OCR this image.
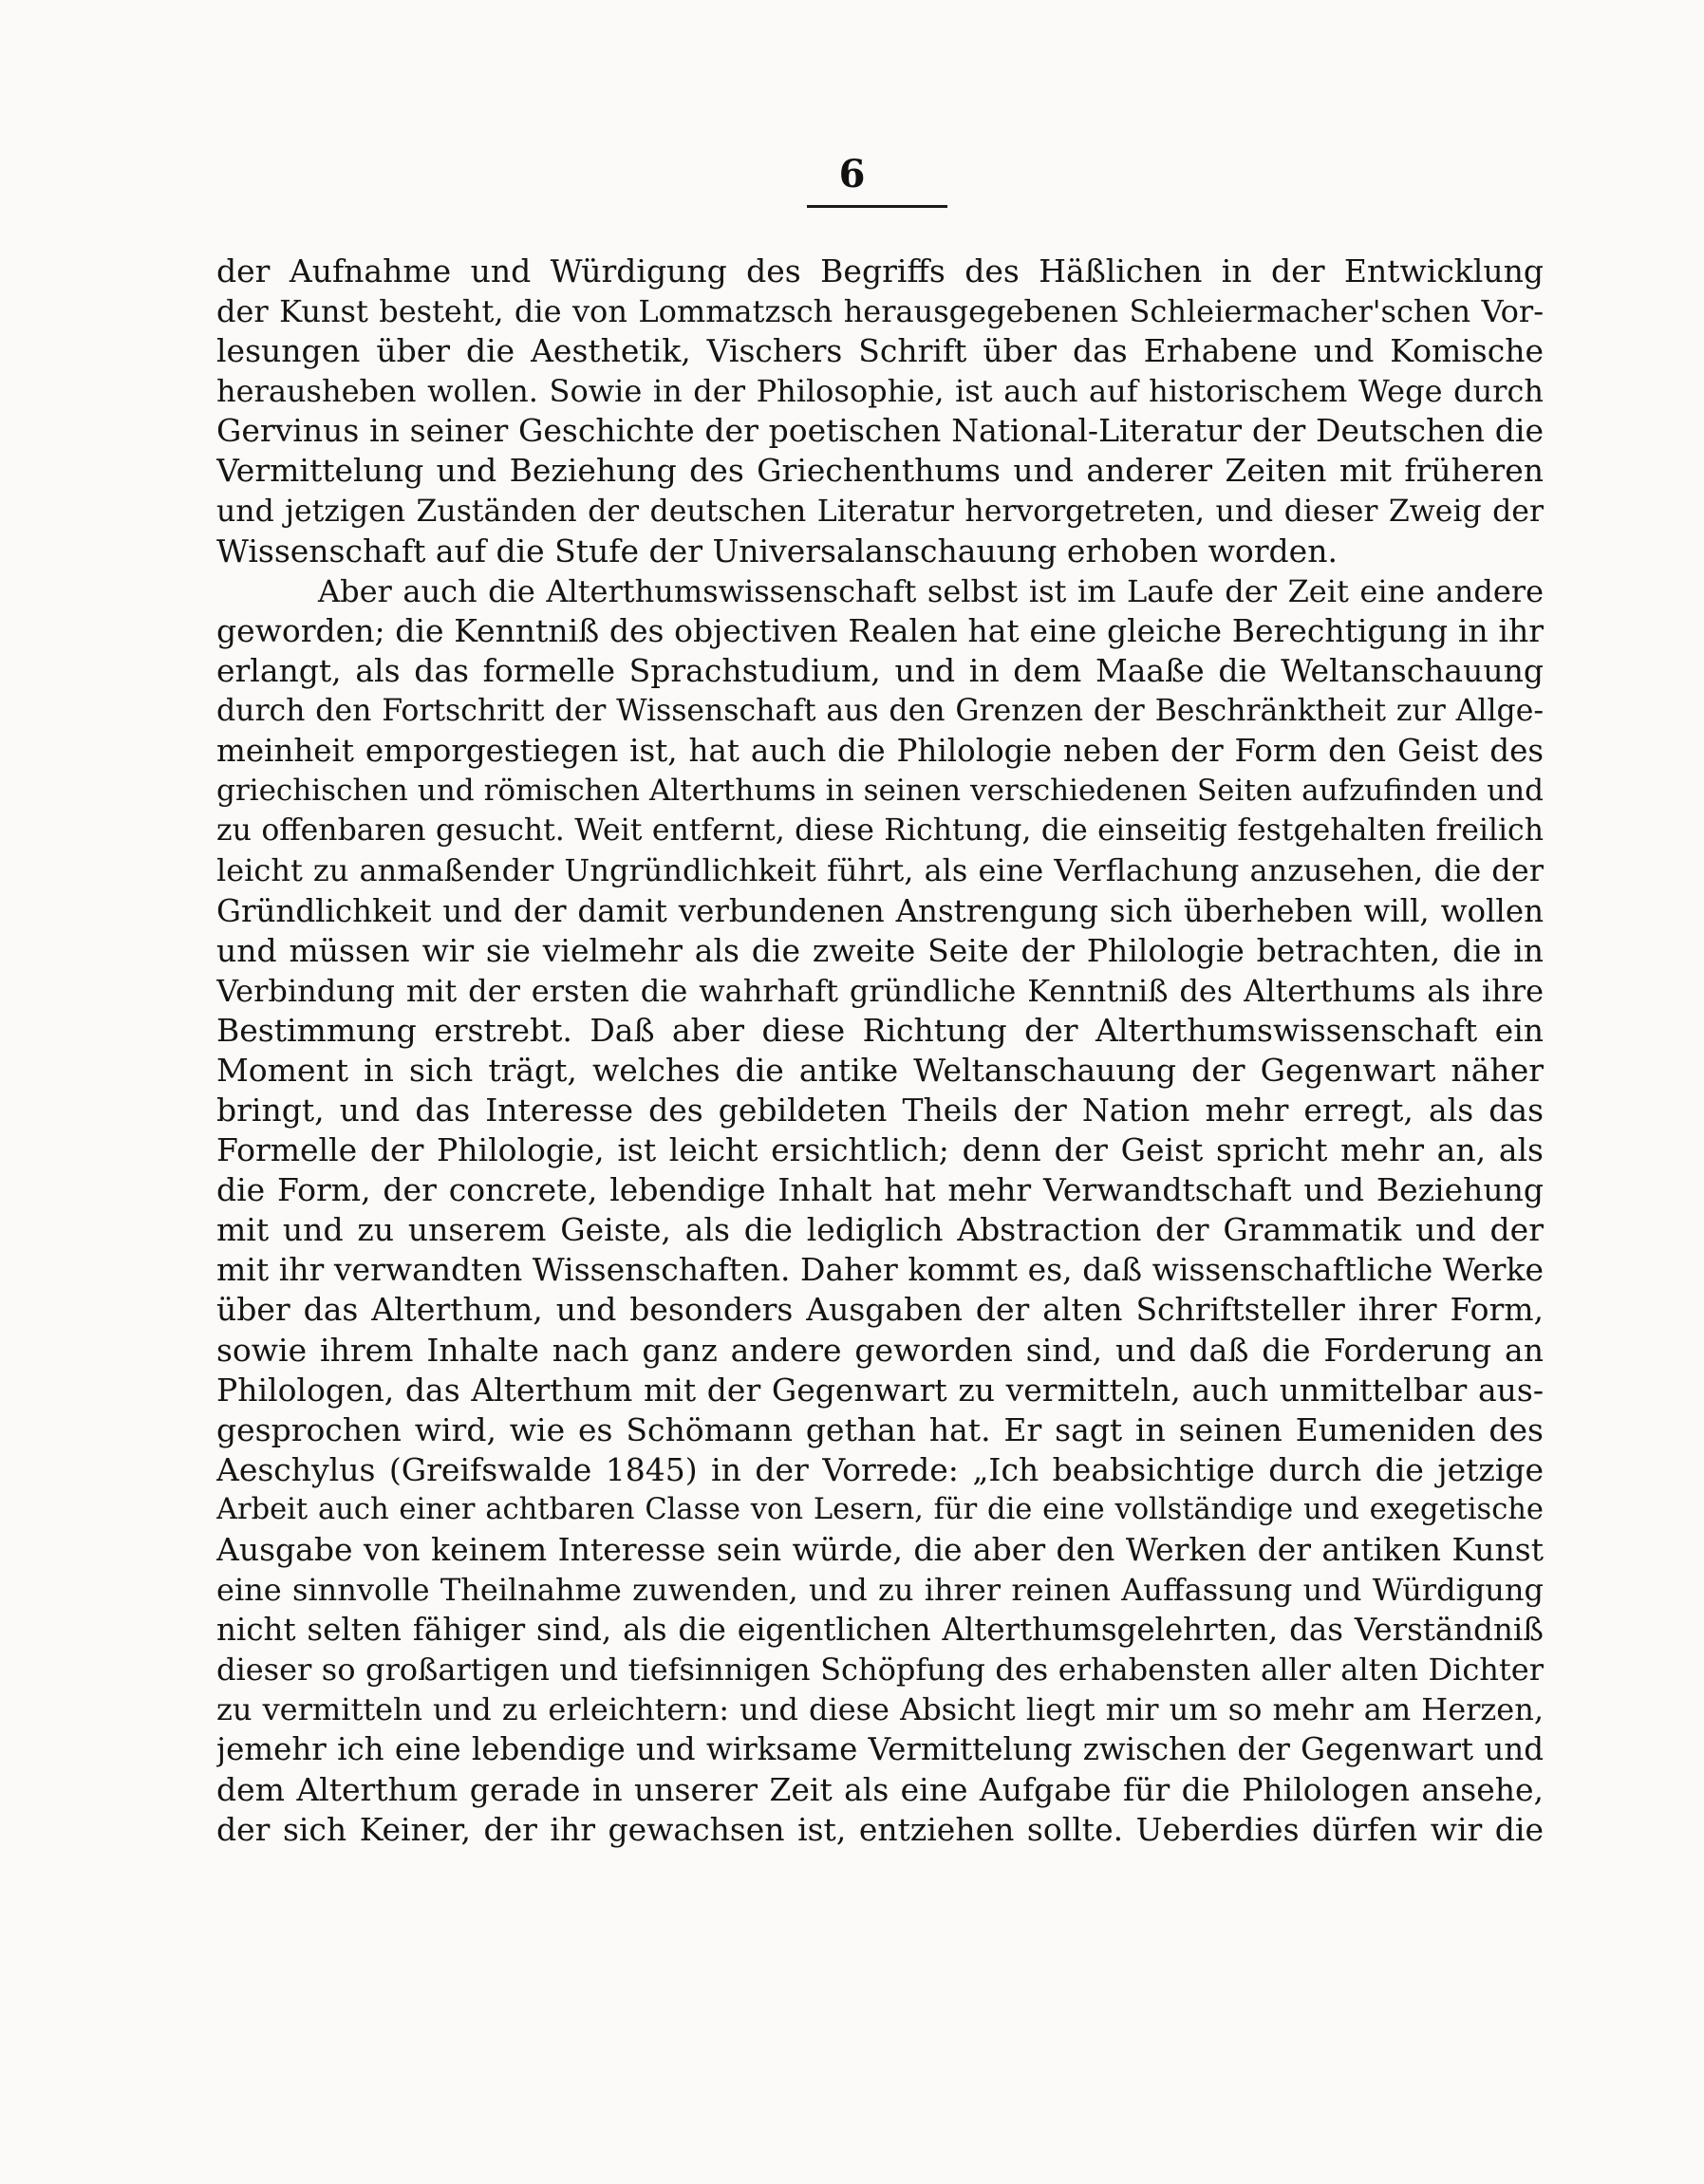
6
der Aufnahme und Würdigung des Begriffs des Häßlichen in der Entwicklung
der Kunst besteht, die von Lommatzsch herausgegebenen Schleiermacher'schen Vor-
lesungen über die Aesthetik, Vischers Schrift über das Erhabene und Komische
herausheben wollen. Sowie in der Philosophie, ist auch auf historischem Wege durch
Gervinus in seiner Geschichte der poetischen National-Literatur der Deutschen die
Vermittelung und Beziehung des Griechenthums und anderer Zeiten mit früheren
und jetzigen Zuständen der deutschen Literatur hervorgetreten, und dieser Zweig der
Wissenschaft auf die Stufe der Universalanschauung erhoben worden.
Aber auch die Alterthumswissenschaft selbst ist im Laufe der Zeit eine andere
geworden; die Kenntniß des objectiven Realen hat eine gleiche Berechtigung in ihr
erlangt, als das formelle Sprachstudium, und in dem Maaße die Weltanschauung
durch den Fortschritt der Wissenschaft aus den Grenzen der Beschränktheit zur Allge-
meinheit emporgestiegen ist, hat auch die Philologie neben der Form den Geist des
griechischen und römischen Alterthums in seinen verschiedenen Seiten aufzufinden und
zu offenbaren gesucht. Weit entfernt, diese Richtung, die einseitig festgehalten freilich
leicht zu anmaßender Ungründlichkeit führt, als eine Verflachung anzusehen, die der
Gründlichkeit und der damit verbundenen Anstrengung sich überheben will, wollen
und müssen wir sie vielmehr als die zweite Seite der Philologie betrachten, die in
Verbindung mit der ersten die wahrhaft gründliche Kenntniß des Alterthums als ihre
Bestimmung erstrebt. Daß aber diese Richtung der Alterthumswissenschaft ein
Moment in sich trägt, welches die antike Weltanschauung der Gegenwart näher
bringt, und das Interesse des gebildeten Theils der Nation mehr erregt, als das
Formelle der Philologie, ist leicht ersichtlich; denn der Geist spricht mehr an, als
die Form, der concrete, lebendige Inhalt hat mehr Verwandtschaft und Beziehung
mit und zu unserem Geiste, als die lediglich Abstraction der Grammatik und der
mit ihr verwandten Wissenschaften. Daher kommt es, daß wissenschaftliche Werke
über das Alterthum, und besonders Ausgaben der alten Schriftsteller ihrer Form,
sowie ihrem Inhalte nach ganz andere geworden sind, und daß die Forderung an
Philologen, das Alterthum mit der Gegenwart zu vermitteln, auch unmittelbar aus-
gesprochen wird, wie es Schömann gethan hat. Er sagt in seinen Eumeniden des
Aeschylus (Greifswalde 1845) in der Vorrede: „Ich beabsichtige durch die jetzige
Arbeit auch einer achtbaren Classe von Lesern, für die eine vollständige und exegetische
Ausgabe von keinem Interesse sein würde, die aber den Werken der antiken Kunst
eine sinnvolle Theilnahme zuwenden, und zu ihrer reinen Auffassung und Würdigung
nicht selten fähiger sind, als die eigentlichen Alterthumsgelehrten, das Verständniß
dieser so großartigen und tiefsinnigen Schöpfung des erhabensten aller alten Dichter
zu vermitteln und zu erleichtern: und diese Absicht liegt mir um so mehr am Herzen,
jemehr ich eine lebendige und wirksame Vermittelung zwischen der Gegenwart und
dem Alterthum gerade in unserer Zeit als eine Aufgabe für die Philologen ansehe,
der sich Keiner, der ihr gewachsen ist, entziehen sollte. Ueberdies dürfen wir die
